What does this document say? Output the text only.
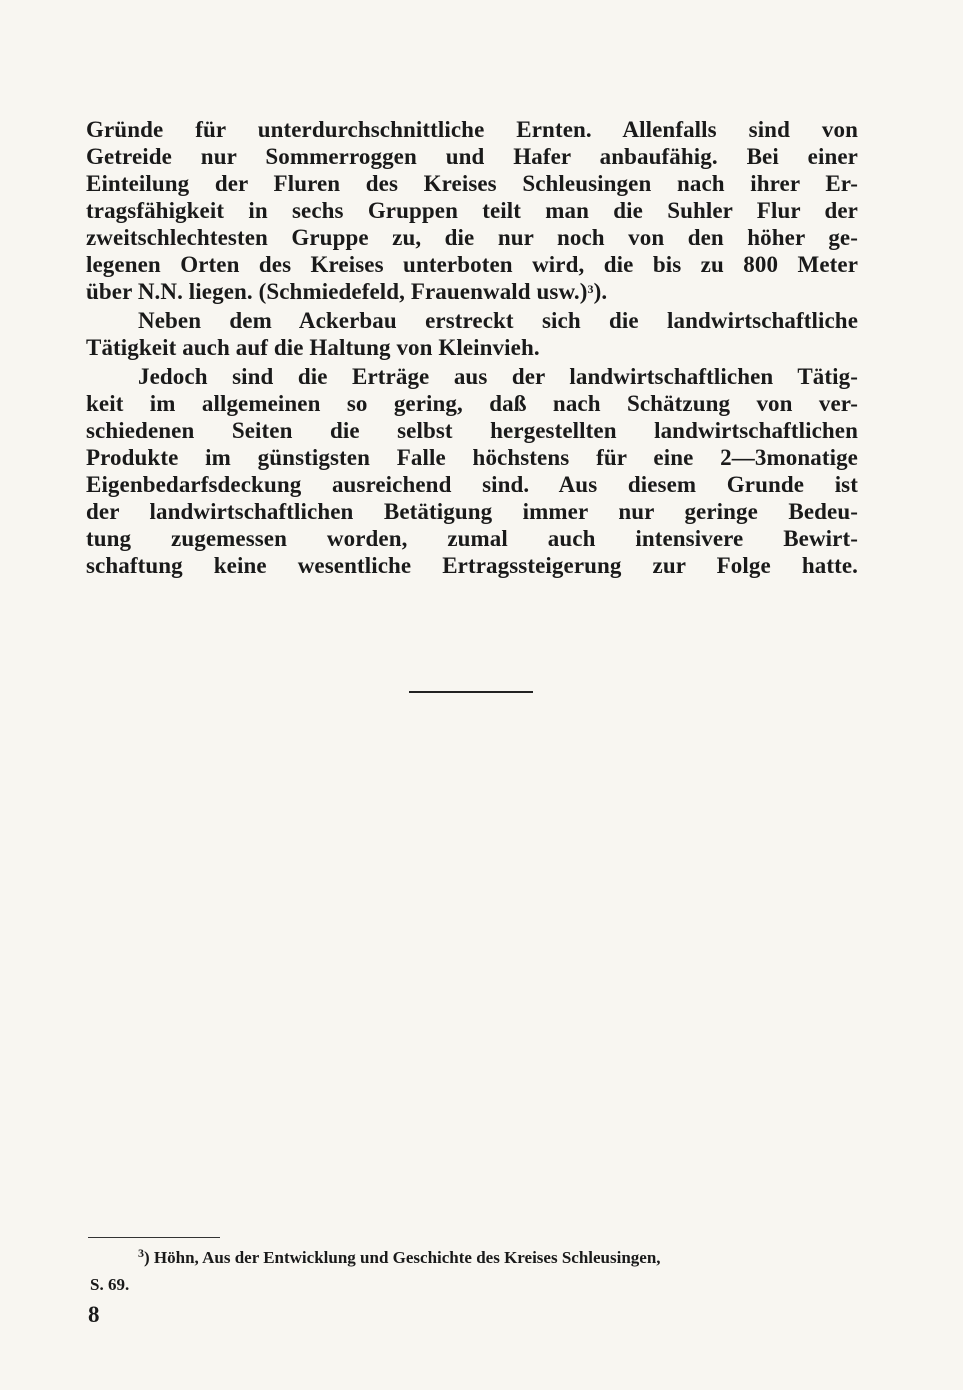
Gründe für unterdurchschnittliche Ernten. Allenfalls sind von
Getreide nur Sommerroggen und Hafer anbaufähig. Bei einer
Einteilung der Fluren des Kreises Schleusingen nach ihrer Er-
tragsfähigkeit in sechs Gruppen teilt man die Suhler Flur der
zweitschlechtesten Gruppe zu, die nur noch von den höher ge-
legenen Orten des Kreises unterboten wird, die bis zu 800 Meter
über N.N. liegen. (Schmiedefeld, Frauenwald usw.)$^3$).
Neben dem Ackerbau erstreckt sich die landwirtschaftliche
Tätigkeit auch auf die Haltung von Kleinvieh.
Jedoch sind die Erträge aus der landwirtschaftlichen Tätig-
keit im allgemeinen so gering, daß nach Schätzung von ver-
schiedenen Seiten die selbst hergestellten landwirtschaftlichen
Produkte im günstigsten Falle höchstens für eine 2—3monatige
Eigenbedarfsdeckung ausreichend sind. Aus diesem Grunde ist
der landwirtschaftlichen Betätigung immer nur geringe Bedeu-
tung zugemessen worden, zumal auch intensivere Bewirt-
schaftung keine wesentliche Ertragssteigerung zur Folge hatte.
$^3$) Höhn, Aus der Entwicklung und Geschichte des Kreises Schleusingen,
S. 69.
8
